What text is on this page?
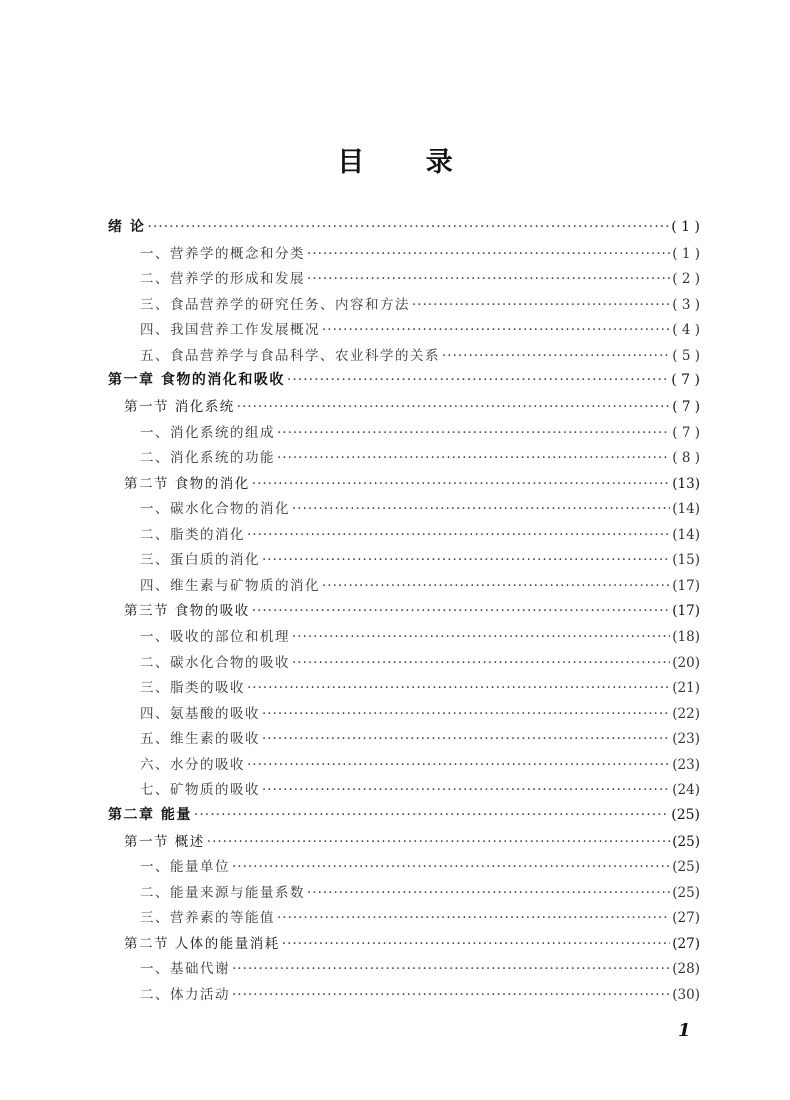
目 录
绪 论 ·····	( 1 )
一、营养学的概念和分类 ·····	( 1 )
二、营养学的形成和发展 ·····	( 2 )
三、食品营养学的研究任务、内容和方法 ·····	( 3 )
四、我国营养工作发展概况 ·····	( 4 )
五、食品营养学与食品科学、农业科学的关系 ·····	( 5 )
第一章 食物的消化和吸收 ·····	( 7 )
第一节 消化系统 ·····	( 7 )
一、消化系统的组成 ·····	( 7 )
二、消化系统的功能 ·····	( 8 )
第二节 食物的消化 ·····	(13)
一、碳水化合物的消化 ·····	(14)
二、脂类的消化 ·····	(14)
三、蛋白质的消化 ·····	(15)
四、维生素与矿物质的消化 ·····	(17)
第三节 食物的吸收 ·····	(17)
一、吸收的部位和机理 ·····	(18)
二、碳水化合物的吸收 ·····	(20)
三、脂类的吸收 ·····	(21)
四、氨基酸的吸收 ·····	(22)
五、维生素的吸收 ·····	(23)
六、水分的吸收 ·····	(23)
七、矿物质的吸收 ·····	(24)
第二章 能量 ·····	(25)
第一节 概述 ·····	(25)
一、能量单位 ·····	(25)
二、能量来源与能量系数 ·····	(25)
三、营养素的等能值 ·····	(27)
第二节 人体的能量消耗 ·····	(27)
一、基础代谢 ·····	(28)
二、体力活动 ·····	(30)
1
